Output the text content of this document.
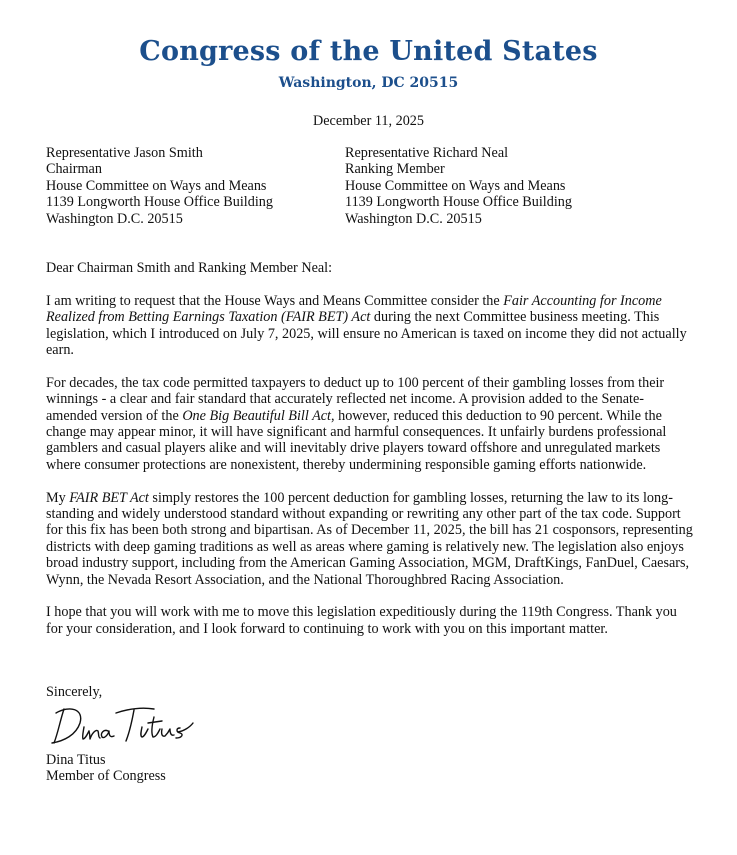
Congress of the United States
Washington, DC 20515
December 11, 2025
Representative Jason Smith
Chairman
House Committee on Ways and Means
1139 Longworth House Office Building
Washington D.C. 20515
Representative Richard Neal
Ranking Member
House Committee on Ways and Means
1139 Longworth House Office Building
Washington D.C. 20515

Dear Chairman Smith and Ranking Member Neal:

I am writing to request that the House Ways and Means Committee consider the Fair Accounting for Income Realized from Betting Earnings Taxation (FAIR BET) Act during the next Committee business meeting. This legislation, which I introduced on July 7, 2025, will ensure no American is taxed on income they did not actually earn.

For decades, the tax code permitted taxpayers to deduct up to 100 percent of their gambling losses from their winnings - a clear and fair standard that accurately reflected net income. A provision added to the Senate-amended version of the One Big Beautiful Bill Act, however, reduced this deduction to 90 percent. While the change may appear minor, it will have significant and harmful consequences. It unfairly burdens professional gamblers and casual players alike and will inevitably drive players toward offshore and unregulated markets where consumer protections are nonexistent, thereby undermining responsible gaming efforts nationwide.

My FAIR BET Act simply restores the 100 percent deduction for gambling losses, returning the law to its long-standing and widely understood standard without expanding or rewriting any other part of the tax code. Support for this fix has been both strong and bipartisan. As of December 11, 2025, the bill has 21 cosponsors, representing districts with deep gaming traditions as well as areas where gaming is relatively new. The legislation also enjoys broad industry support, including from the American Gaming Association, MGM, DraftKings, FanDuel, Caesars, Wynn, the Nevada Resort Association, and the National Thoroughbred Racing Association.

I hope that you will work with me to move this legislation expeditiously during the 119th Congress. Thank you for your consideration, and I look forward to continuing to work with you on this important matter.

Sincerely,
Dina Titus
Member of Congress
